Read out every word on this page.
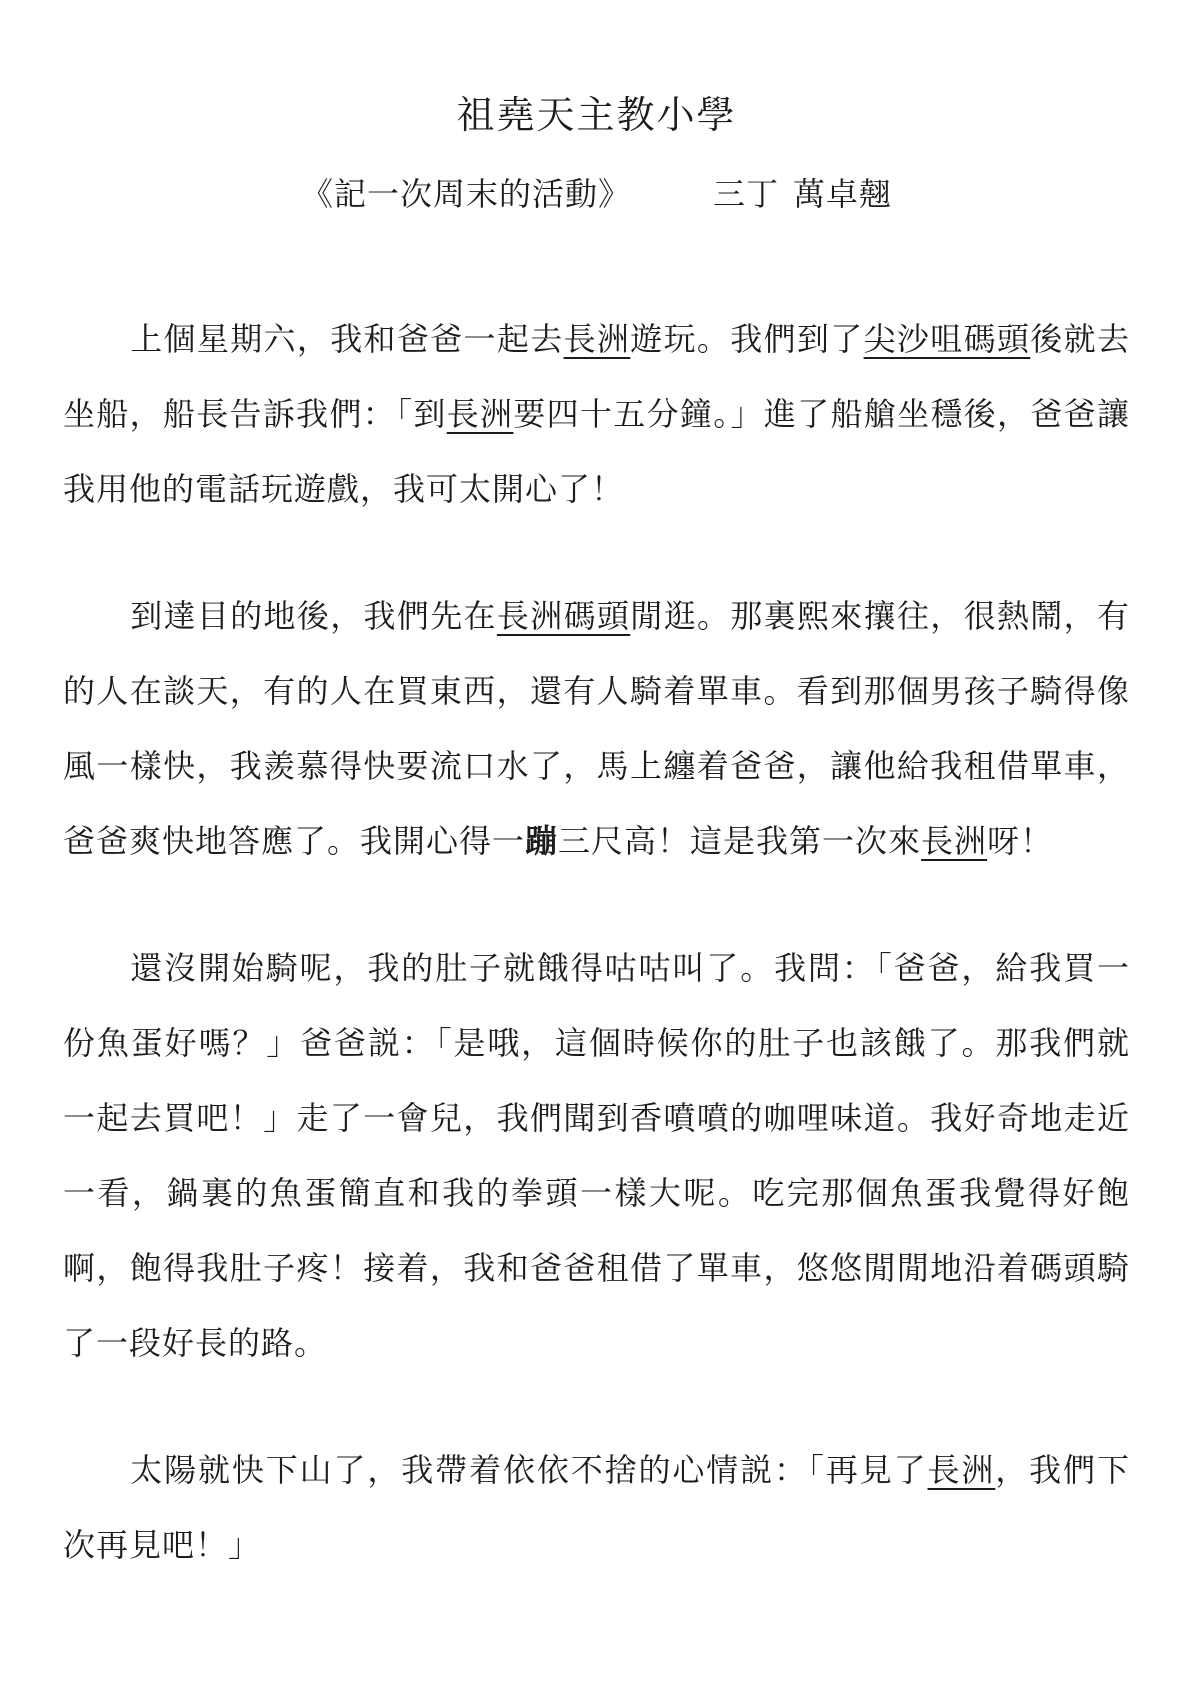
祖堯天主教小學
《記一次周末的活動》	三丁 萬卓翹

上個星期六，我和爸爸一起去長洲遊玩。我們到了尖沙咀碼頭後就去坐船，船長告訴我們：「到長洲要四十五分鐘。」進了船艙坐穩後，爸爸讓我用他的電話玩遊戲，我可太開心了！

到達目的地後，我們先在長洲碼頭閒逛。那裏熙來攘往，很熱鬧，有的人在談天，有的人在買東西，還有人騎着單車。看到那個男孩子騎得像風一樣快，我羨慕得快要流口水了，馬上纏着爸爸，讓他給我租借單車，爸爸爽快地答應了。我開心得一蹦三尺高！這是我第一次來長洲呀！

還沒開始騎呢，我的肚子就餓得咕咕叫了。我問：「爸爸，給我買一份魚蛋好嗎？」爸爸説：「是哦，這個時候你的肚子也該餓了。那我們就一起去買吧！」走了一會兒，我們聞到香噴噴的咖哩味道。我好奇地走近一看，鍋裏的魚蛋簡直和我的拳頭一樣大呢。吃完那個魚蛋我覺得好飽啊，飽得我肚子疼！接着，我和爸爸租借了單車，悠悠閒閒地沿着碼頭騎了一段好長的路。

太陽就快下山了，我帶着依依不捨的心情説：「再見了長洲，我們下次再見吧！」
